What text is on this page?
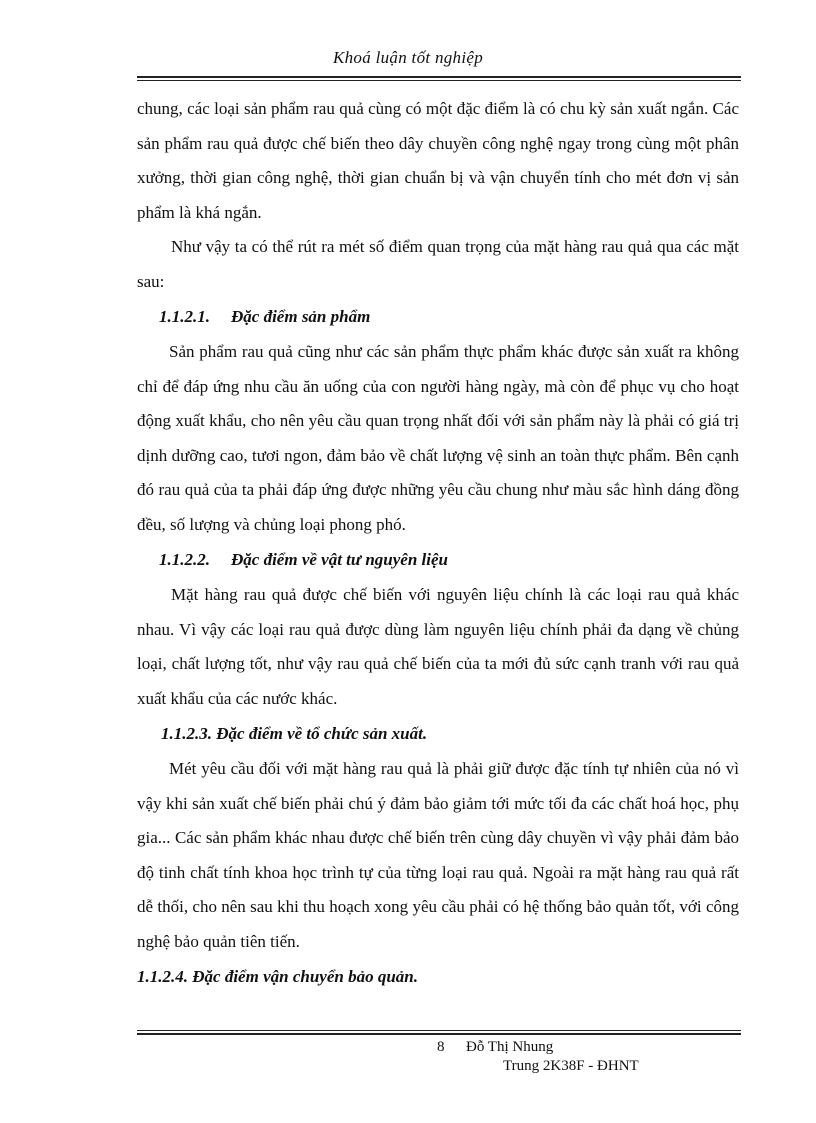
Khoá luận tốt nghiệp

chung, các loại sản phẩm rau quả cùng có một đặc điểm là có chu kỳ sản xuất ngắn. Các sản phẩm rau quả được chế biến theo dây chuyền công nghệ ngay trong cùng một phân xưởng, thời gian công nghệ, thời gian chuẩn bị và vận chuyển tính cho mét đơn vị sản phẩm là khá ngắn.

Như vậy ta có thể rút ra mét số điểm quan trọng của mặt hàng rau quả qua các mặt sau:

1.1.2.1. Đặc điểm sản phẩm

Sản phẩm rau quả cũng như các sản phẩm thực phẩm khác được sản xuất ra không chỉ để đáp ứng nhu cầu ăn uống của con người hàng ngày, mà còn để phục vụ cho hoạt động xuất khẩu, cho nên yêu cầu quan trọng nhất đối với sản phẩm này là phải có giá trị dịnh dưỡng cao, tươi ngon, đảm bảo về chất lượng vệ sinh an toàn thực phẩm. Bên cạnh đó rau quả của ta phải đáp ứng được những yêu cầu chung như màu sắc hình dáng đồng đều, số lượng và chủng loại phong phó.

1.1.2.2. Đặc điểm về vật tư nguyên liệu

Mặt hàng rau quả được chế biến với nguyên liệu chính là các loại rau quả khác nhau. Vì vậy các loại rau quả được dùng làm nguyên liệu chính phải đa dạng về chủng loại, chất lượng tốt, như vậy rau quả chế biến của ta mới đủ sức cạnh tranh với rau quả xuất khẩu của các nước khác.

1.1.2.3. Đặc điểm về tổ chức sản xuất.

Mét yêu cầu đối với mặt hàng rau quả là phải giữ được đặc tính tự nhiên của nó vì vậy khi sản xuất chế biến phải chú ý đảm bảo giảm tới mức tối đa các chất hoá học, phụ gia... Các sản phẩm khác nhau được chế biến trên cùng dây chuyền vì vậy phải đảm bảo độ tinh chất tính khoa học trình tự của từng loại rau quả. Ngoài ra mặt hàng rau quả rất dễ thối, cho nên sau khi thu hoạch xong yêu cầu phải có hệ thống bảo quản tốt, với công nghệ bảo quản tiên tiến.

1.1.2.4. Đặc điểm vận chuyển bảo quản.

8 Đỗ Thị Nhung
Trung 2K38F - ĐHNT
